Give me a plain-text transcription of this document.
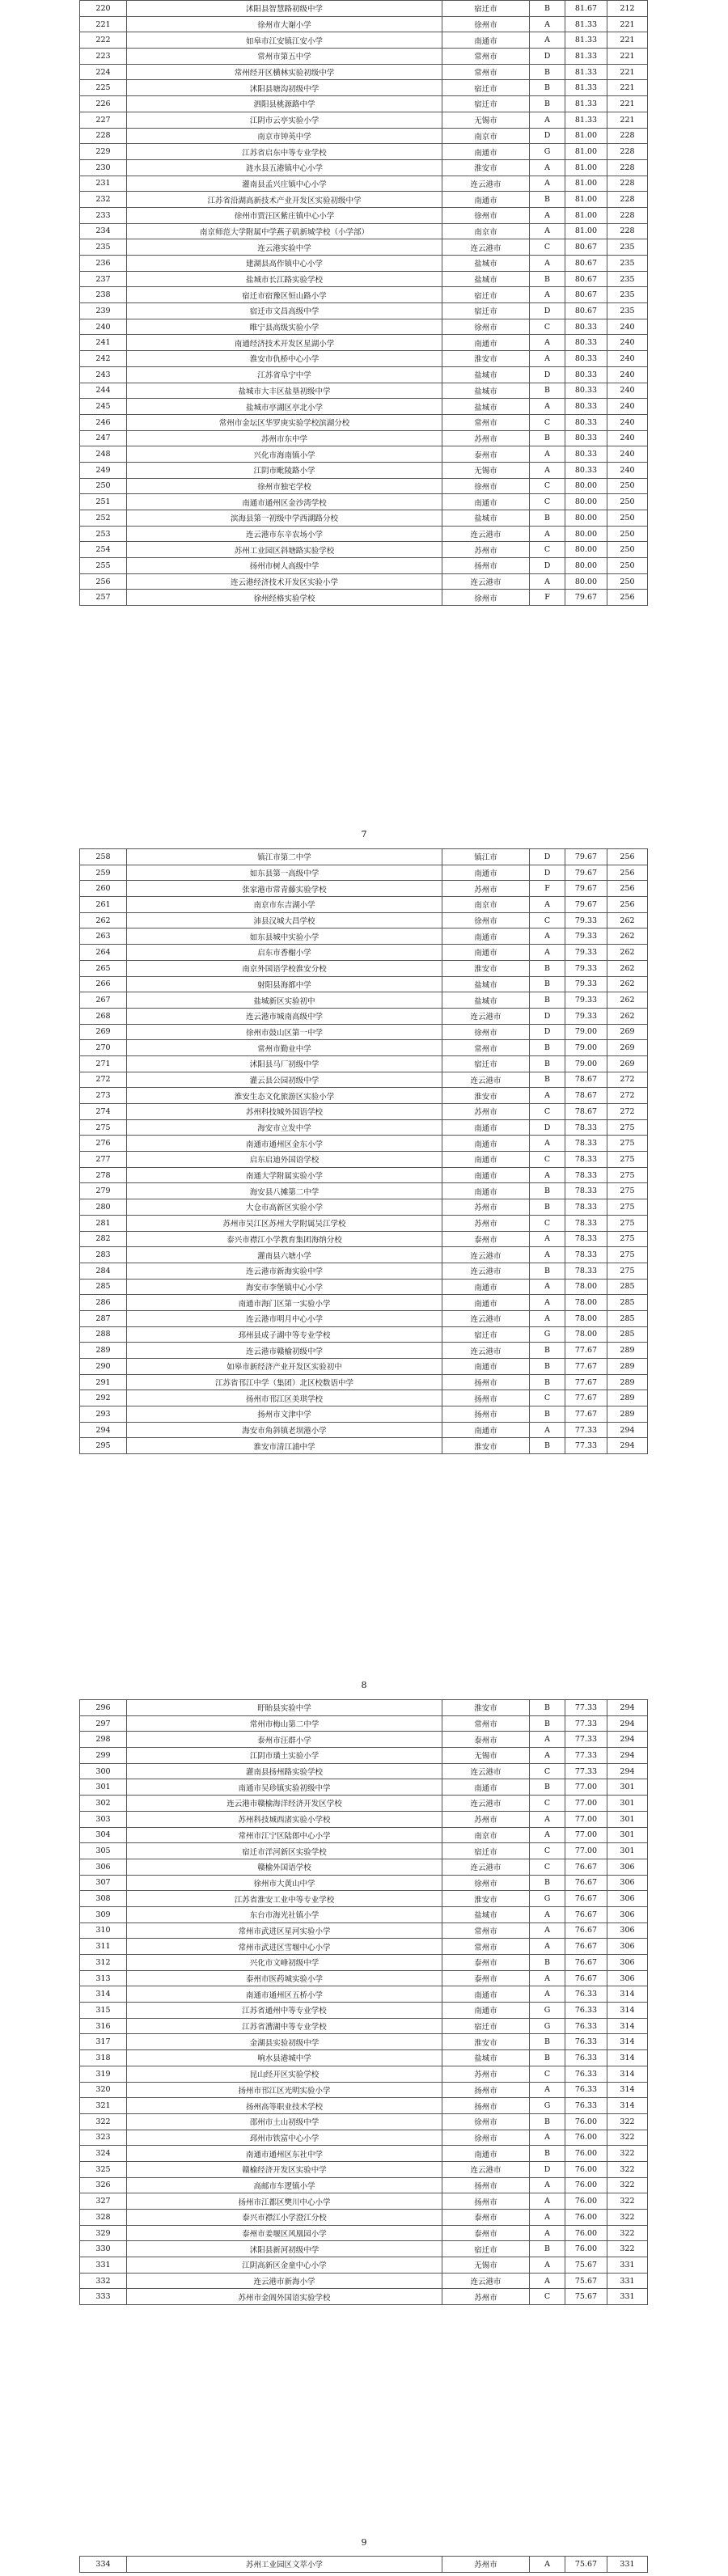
220	沭阳县智慧路初级中学	宿迁市	B	81.67	212
221	徐州市大谢小学	徐州市	A	81.33	221
222	如皋市江安镇江安小学	南通市	A	81.33	221
223	常州市第五中学	常州市	D	81.33	221
224	常州经开区横林实验初级中学	常州市	B	81.33	221
225	沭阳县塘沟初级中学	宿迁市	B	81.33	221
226	泗阳县桃源路中学	宿迁市	B	81.33	221
227	江阴市云亭实验小学	无锡市	A	81.33	221
228	南京市钟英中学	南京市	D	81.00	228
229	江苏省启东中等专业学校	南通市	G	81.00	228
230	涟水县五港镇中心小学	淮安市	A	81.00	228
231	灌南县孟兴庄镇中心小学	连云港市	A	81.00	228
232	江苏省沿湖高新技术产业开发区实验初级中学	南通市	B	81.00	228
233	徐州市贾汪区紫庄镇中心小学	徐州市	A	81.00	228
234	南京师范大学附属中学燕子矶新城学校（小学部）	南京市	A	81.00	228
235	连云港实验中学	连云港市	C	80.67	235
236	建湖县高作镇中心小学	盐城市	A	80.67	235
237	盐城市长江路实验学校	盐城市	B	80.67	235
238	宿迁市宿豫区恒山路小学	宿迁市	A	80.67	235
239	宿迁市文昌高级中学	宿迁市	D	80.67	235
240	睢宁县高级实验小学	徐州市	C	80.33	240
241	南通经济技术开发区星湖小学	南通市	A	80.33	240
242	淮安市仇桥中心小学	淮安市	A	80.33	240
243	江苏省阜宁中学	盐城市	D	80.33	240
244	盐城市大丰区盐垦初级中学	盐城市	B	80.33	240
245	盐城市亭湖区亭北小学	盐城市	A	80.33	240
246	常州市金坛区华罗庚实验学校滨湖分校	常州市	C	80.33	240
247	苏州市东中学	苏州市	B	80.33	240
248	兴化市海南镇小学	泰州市	A	80.33	240
249	江阴市毗陵路小学	无锡市	A	80.33	240
250	徐州市独宅学校	徐州市	C	80.00	250
251	南通市通州区金沙湾学校	南通市	C	80.00	250
252	滨海县第一初级中学西湖路分校	盐城市	B	80.00	250
253	连云港市东辛农场小学	连云港市	A	80.00	250
254	苏州工业园区斜塘路实验学校	苏州市	C	80.00	250
255	扬州市树人高级中学	扬州市	D	80.00	250
256	连云港经济技术开发区实验小学	连云港市	A	80.00	250
257	徐州经格实验学校	徐州市	F	79.67	256
7
258	镇江市第二中学	镇江市	D	79.67	256
259	如东县第一高级中学	南通市	D	79.67	256
260	张家港市常青藤实验学校	苏州市	F	79.67	256
261	南京市东吉湖小学	南京市	A	79.67	256
262	沛县汉城大昌学校	徐州市	C	79.33	262
263	如东县城中实验小学	南通市	A	79.33	262
264	启东市香榭小学	南通市	A	79.33	262
265	南京外国语学校淮安分校	淮安市	B	79.33	262
266	射阳县海都中学	盐城市	B	79.33	262
267	盐城新区实验初中	盐城市	B	79.33	262
268	连云港市城南高级中学	连云港市	D	79.33	262
269	徐州市鼓山区第一中学	徐州市	D	79.00	269
270	常州市勤业中学	常州市	B	79.00	269
271	沭阳县马厂初级中学	宿迁市	B	79.00	269
272	灌云县公园初级中学	连云港市	B	78.67	272
273	淮安生态文化旅游区实验小学	淮安市	A	78.67	272
274	苏州科技城外国语学校	苏州市	C	78.67	272
275	海安市立发中学	南通市	D	78.33	275
276	南通市通州区金东小学	南通市	A	78.33	275
277	启东启迪外国语学校	南通市	C	78.33	275
278	南通大学附属实验小学	南通市	A	78.33	275
279	海安县八摊第二中学	南通市	B	78.33	275
280	大仓市高新区实验小学	苏州市	B	78.33	275
281	苏州市吴江区苏州大学附属吴江学校	苏州市	C	78.33	275
282	泰兴市襟江小学教育集团海纳分校	泰州市	A	78.33	275
283	灌南县六塘小学	连云港市	A	78.33	275
284	连云港市新海实验中学	连云港市	B	78.33	275
285	海安市李堡镇中心小学	南通市	A	78.00	285
286	南通市海门区第一实验小学	南通市	A	78.00	285
287	连云港市明月中心小学	连云港市	A	78.00	285
288	邳州县成子湖中等专业学校	宿迁市	G	78.00	285
289	连云港市赣榆初级中学	连云港市	B	77.67	289
290	如皋市新经济产业开发区实验初中	南通市	B	77.67	289
291	江苏省邗江中学（集团）北区校数语中学	扬州市	B	77.67	289
292	扬州市邗江区美琪学校	扬州市	C	77.67	289
293	扬州市文津中学	扬州市	B	77.67	289
294	海安市角斜镇老坝港小学	南通市	A	77.33	294
295	淮安市清江浦中学	淮安市	B	77.33	294
8
296	盱眙县实验中学	淮安市	B	77.33	294
297	常州市梅山第二中学	常州市	B	77.33	294
298	泰州市汪群小学	泰州市	A	77.33	294
299	江阴市璜土实验小学	无锡市	A	77.33	294
300	灌南县扬州路实验学校	连云港市	C	77.33	294
301	南通市吴珍镇实验初级中学	南通市	B	77.00	301
302	连云港市赣榆海洋经济开发区学校	连云港市	C	77.00	301
303	苏州科技城西渚实验小学校	苏州市	A	77.00	301
304	常州市江宁区陆郎中心小学	南京市	A	77.00	301
305	宿迁市洋河新区实验学校	宿迁市	C	77.00	301
306	赣榆外国语学校	连云港市	C	76.67	306
307	徐州市大黄山中学	徐州市	B	76.67	306
308	江苏省淮安工业中等专业学校	淮安市	G	76.67	306
309	东台市海光社镇小学	盐城市	A	76.67	306
310	常州市武进区星河实验小学	常州市	A	76.67	306
311	常州市武进区雪堰中心小学	常州市	A	76.67	306
312	兴化市文峰初级中学	泰州市	B	76.67	306
313	泰州市医药城实验小学	泰州市	A	76.67	306
314	南通市通州区五桥小学	南通市	A	76.33	314
315	江苏省通州中等专业学校	南通市	G	76.33	314
316	江苏省漕湖中等专业学校	宿迁市	G	76.33	314
317	金湖县实验初级中学	淮安市	B	76.33	314
318	响水县港城中学	盐城市	B	76.33	314
319	昆山经开区实验学校	苏州市	C	76.33	314
320	扬州市邗江区光明实验小学	扬州市	A	76.33	314
321	扬州高等职业技术学校	扬州市	G	76.33	314
322	邵州市土山初级中学	徐州市	B	76.00	322
323	邳州市铁富中心小学	徐州市	A	76.00	322
324	南通市通州区东社中学	南通市	B	76.00	322
325	赣榆经济开发区实验中学	连云港市	D	76.00	322
326	高邮市车逻镇小学	扬州市	A	76.00	322
327	扬州市江都区樊川中心小学	扬州市	A	76.00	322
328	泰兴市襟江小学澄江分校	泰州市	A	76.00	322
329	泰州市姜堰区风凰园小学	泰州市	A	76.00	322
330	沭阳县新河初级中学	宿迁市	B	76.00	322
331	江阴高新区金童中心小学	无锡市	A	75.67	331
332	连云港市新海小学	连云港市	A	75.67	331
333	苏州市金阊外国语实验学校	苏州市	C	75.67	331
9
334	苏州工业园区文萃小学	苏州市	A	75.67	331
